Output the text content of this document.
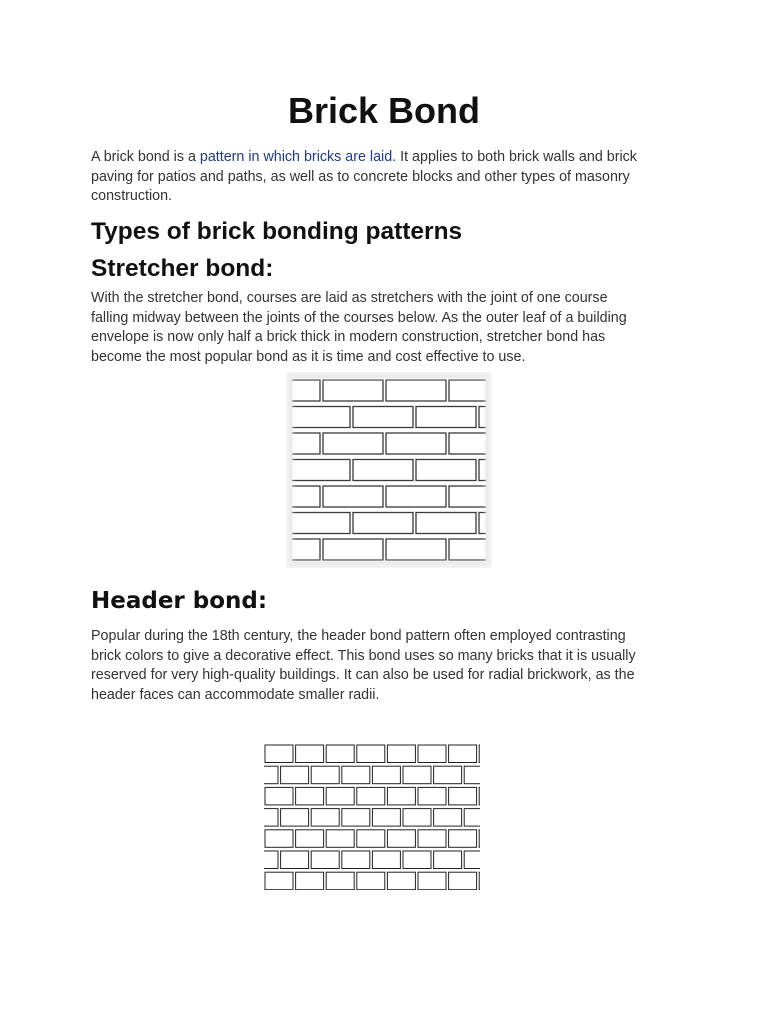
Brick Bond

A brick bond is a pattern in which bricks are laid. It applies to both brick walls and brick
paving for patios and paths, as well as to concrete blocks and other types of masonry
construction.

Types of brick bonding patterns
Stretcher bond:

With the stretcher bond, courses are laid as stretchers with the joint of one course
falling midway between the joints of the courses below. As the outer leaf of a building
envelope is now only half a brick thick in modern construction, stretcher bond has
become the most popular bond as it is time and cost effective to use.

Header bond:

Popular during the 18th century, the header bond pattern often employed contrasting
brick colors to give a decorative effect. This bond uses so many bricks that it is usually
reserved for very high-quality buildings. It can also be used for radial brickwork, as the
header faces can accommodate smaller radii.
